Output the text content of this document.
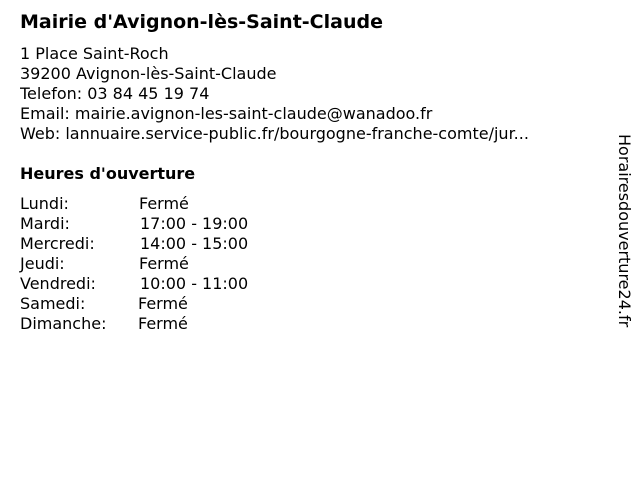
Mairie d'Avignon-lès-Saint-Claude
1 Place Saint-Roch
39200 Avignon-lès-Saint-Claude
Telefon: 03 84 45 19 74
Email: mairie.avignon-les-saint-claude@wanadoo.fr
Web: lannuaire.service-public.fr/bourgogne-franche-comte/jur...
Heures d'ouverture
Lundi:	Fermé
Mardi:	17:00 - 19:00
Mercredi:	14:00 - 15:00
Jeudi:	Fermé
Vendredi:	10:00 - 11:00
Samedi:	Fermé
Dimanche: Fermé	Horairesdouverture24.fr
